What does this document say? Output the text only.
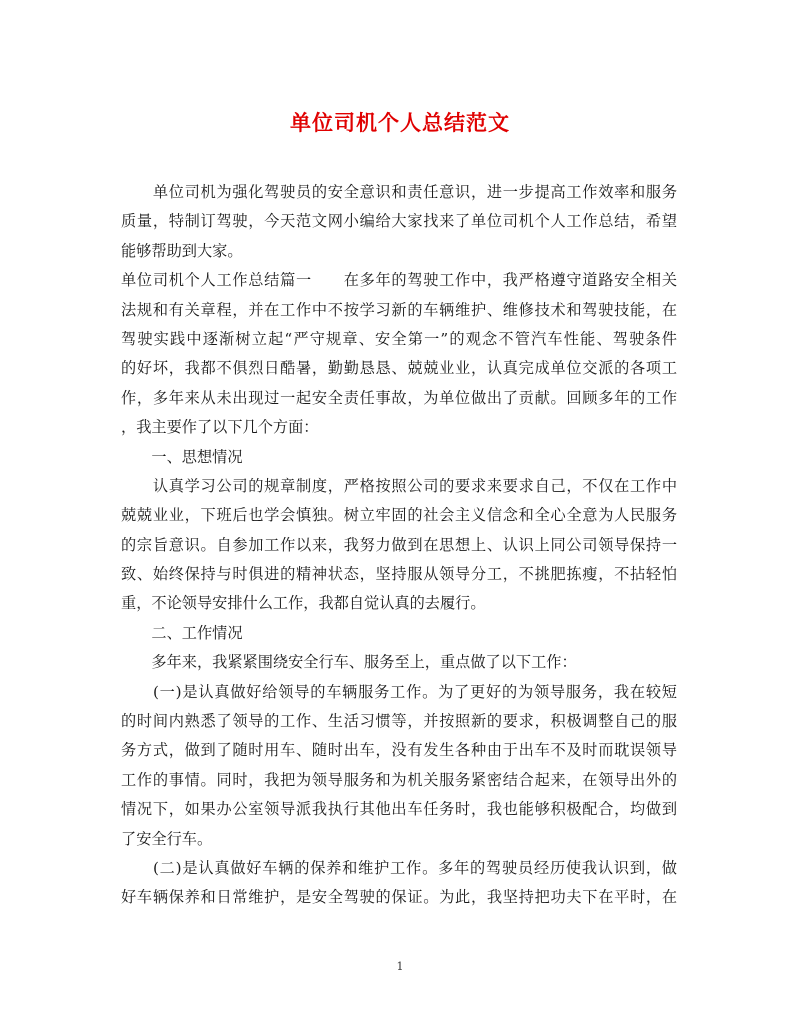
单位司机个人总结范文
　　单位司机为强化驾驶员的安全意识和责任意识，进一步提高工作效率和服务
质量，特制订驾驶，今天范文网小编给大家找来了单位司机个人工作总结，希望
能够帮助到大家。
单位司机个人工作总结篇一　　在多年的驾驶工作中，我严格遵守道路安全相关
法规和有关章程，并在工作中不按学习新的车辆维护、维修技术和驾驶技能，在
驾驶实践中逐渐树立起“严守规章、安全第一”的观念不管汽车性能、驾驶条件
的好坏，我都不俱烈日酷暑，勤勤恳恳、兢兢业业，认真完成单位交派的各项工
作，多年来从未出现过一起安全责任事故，为单位做出了贡献。回顾多年的工作
，我主要作了以下几个方面：
　　一、思想情况
　　认真学习公司的规章制度，严格按照公司的要求来要求自己，不仅在工作中
兢兢业业，下班后也学会慎独。树立牢固的社会主义信念和全心全意为人民服务
的宗旨意识。自参加工作以来，我努力做到在思想上、认识上同公司领导保持一
致、始终保持与时俱进的精神状态，坚持服从领导分工，不挑肥拣瘦，不拈轻怕
重，不论领导安排什么工作，我都自觉认真的去履行。
　　二、工作情况
　　多年来，我紧紧围绕安全行车、服务至上，重点做了以下工作：
　　(一)是认真做好给领导的车辆服务工作。为了更好的为领导服务，我在较短
的时间内熟悉了领导的工作、生活习惯等，并按照新的要求，积极调整自己的服
务方式，做到了随时用车、随时出车，没有发生各种由于出车不及时而耽误领导
工作的事情。同时，我把为领导服务和为机关服务紧密结合起来，在领导出外的
情况下，如果办公室领导派我执行其他出车任务时，我也能够积极配合，均做到
了安全行车。
　　(二)是认真做好车辆的保养和维护工作。多年的驾驶员经历使我认识到，做
好车辆保养和日常维护，是安全驾驶的保证。为此，我坚持把功夫下在平时，在
1
